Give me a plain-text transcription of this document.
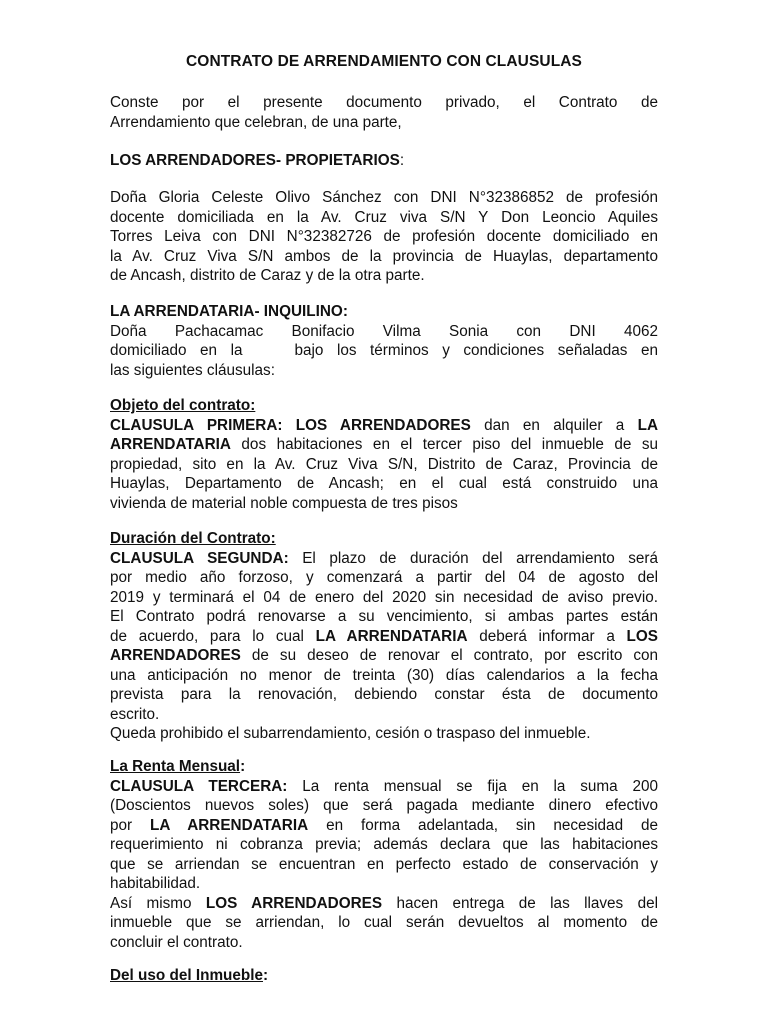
CONTRATO DE ARRENDAMIENTO CON CLAUSULAS
Conste por el presente documento privado, el Contrato de
Arrendamiento que celebran, de una parte,
LOS ARRENDADORES- PROPIETARIOS:
Doña Gloria Celeste Olivo Sánchez con DNI N°32386852 de profesión
docente domiciliada en la Av. Cruz viva S/N Y Don Leoncio Aquiles
Torres Leiva con DNI N°32382726 de profesión docente domiciliado en
la Av. Cruz Viva S/N ambos de la provincia de Huaylas, departamento
de Ancash, distrito de Caraz y de la otra parte.
LA ARRENDATARIA- INQUILINO:
Doña Pachacamac Bonifacio Vilma Sonia con DNI 4062
domiciliado en la	bajo los términos y condiciones señaladas en
las siguientes cláusulas:
Objeto del contrato:
CLAUSULA PRIMERA: LOS ARRENDADORES dan en alquiler a LA
ARRENDATARIA dos habitaciones en el tercer piso del inmueble de su
propiedad, sito en la Av. Cruz Viva S/N, Distrito de Caraz, Provincia de
Huaylas, Departamento de Ancash; en el cual está construido una
vivienda de material noble compuesta de tres pisos
Duración del Contrato:
CLAUSULA SEGUNDA: El plazo de duración del arrendamiento será
por medio año forzoso, y comenzará a partir del 04 de agosto del
2019 y terminará el 04 de enero del 2020 sin necesidad de aviso previo.
El Contrato podrá renovarse a su vencimiento, si ambas partes están
de acuerdo, para lo cual LA ARRENDATARIA deberá informar a LOS
ARRENDADORES de su deseo de renovar el contrato, por escrito con
una anticipación no menor de treinta (30) días calendarios a la fecha
prevista para la renovación, debiendo constar ésta de documento
escrito.
Queda prohibido el subarrendamiento, cesión o traspaso del inmueble.
La Renta Mensual:
CLAUSULA TERCERA: La renta mensual se fija en la suma 200
(Doscientos nuevos soles) que será pagada mediante dinero efectivo
por LA ARRENDATARIA en forma adelantada, sin necesidad de
requerimiento ni cobranza previa; además declara que las habitaciones
que se arriendan se encuentran en perfecto estado de conservación y
habitabilidad.
Así mismo LOS ARRENDADORES hacen entrega de las llaves del
inmueble que se arriendan, lo cual serán devueltos al momento de
concluir el contrato.
Del uso del Inmueble:
